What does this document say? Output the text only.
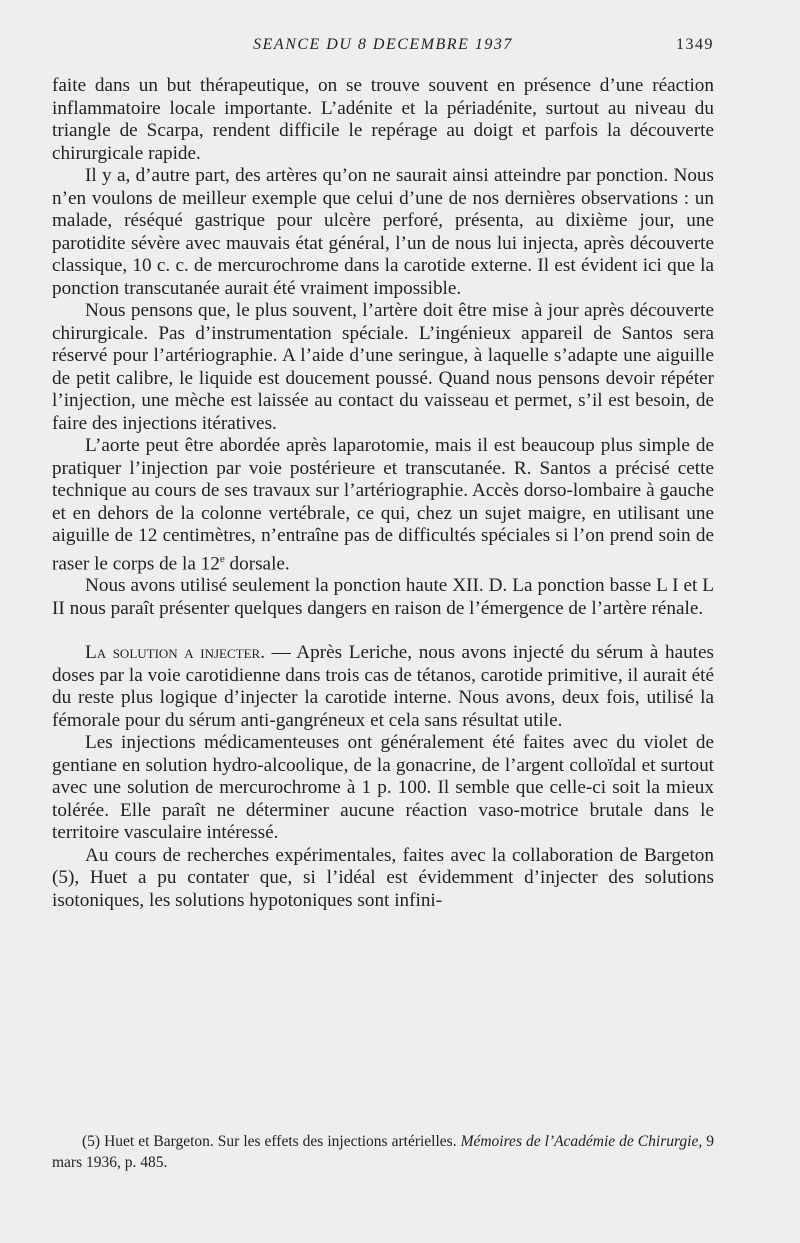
SEANCE DU 8 DECEMBRE 1937	1349

faite dans un but thérapeutique, on se trouve souvent en présence d’une réaction inflammatoire locale importante. L’adénite et la périadénite, surtout au niveau du triangle de Scarpa, rendent difficile le repérage au doigt et parfois la découverte chirurgicale rapide.

Il y a, d’autre part, des artères qu’on ne saurait ainsi atteindre par ponction. Nous n’en voulons de meilleur exemple que celui d’une de nos dernières observations : un malade, réséqué gastrique pour ulcère perforé, présenta, au dixième jour, une parotidite sévère avec mauvais état général, l’un de nous lui injecta, après découverte classique, 10 c. c. de mercurochrome dans la carotide externe. Il est évident ici que la ponction transcutanée aurait été vraiment impossible.

Nous pensons que, le plus souvent, l’artère doit être mise à jour après découverte chirurgicale. Pas d’instrumentation spéciale. L’ingénieux appareil de Santos sera réservé pour l’artériographie. A l’aide d’une seringue, à laquelle s’adapte une aiguille de petit calibre, le liquide est doucement poussé. Quand nous pensons devoir répéter l’injection, une mèche est laissée au contact du vaisseau et permet, s’il est besoin, de faire des injections itératives.

L’aorte peut être abordée après laparotomie, mais il est beaucoup plus simple de pratiquer l’injection par voie postérieure et transcutanée. R. Santos a précisé cette technique au cours de ses travaux sur l’artériographie. Accès dorso-lombaire à gauche et en dehors de la colonne vertébrale, ce qui, chez un sujet maigre, en utilisant une aiguille de 12 centimètres, n’entraîne pas de difficultés spéciales si l’on prend soin de raser le corps de la 12e dorsale.

Nous avons utilisé seulement la ponction haute XII. D. La ponction basse L I et L II nous paraît présenter quelques dangers en raison de l’émergence de l’artère rénale.

La solution a injecter. — Après Leriche, nous avons injecté du sérum à hautes doses par la voie carotidienne dans trois cas de tétanos, carotide primitive, il aurait été du reste plus logique d’injecter la carotide interne. Nous avons, deux fois, utilisé la fémorale pour du sérum anti-gangréneux et cela sans résultat utile.

Les injections médicamenteuses ont généralement été faites avec du violet de gentiane en solution hydro-alcoolique, de la gonacrine, de l’argent colloïdal et surtout avec une solution de mercurochrome à 1 p. 100. Il semble que celle-ci soit la mieux tolérée. Elle paraît ne déterminer aucune réaction vaso-motrice brutale dans le territoire vasculaire intéressé.

Au cours de recherches expérimentales, faites avec la collaboration de Bargeton (5), Huet a pu contater que, si l’idéal est évidemment d’injecter des solutions isotoniques, les solutions hypotoniques sont infini-

(5) Huet et Bargeton. Sur les effets des injections artérielles. Mémoires de l’Académie de Chirurgie, 9 mars 1936, p. 485.
